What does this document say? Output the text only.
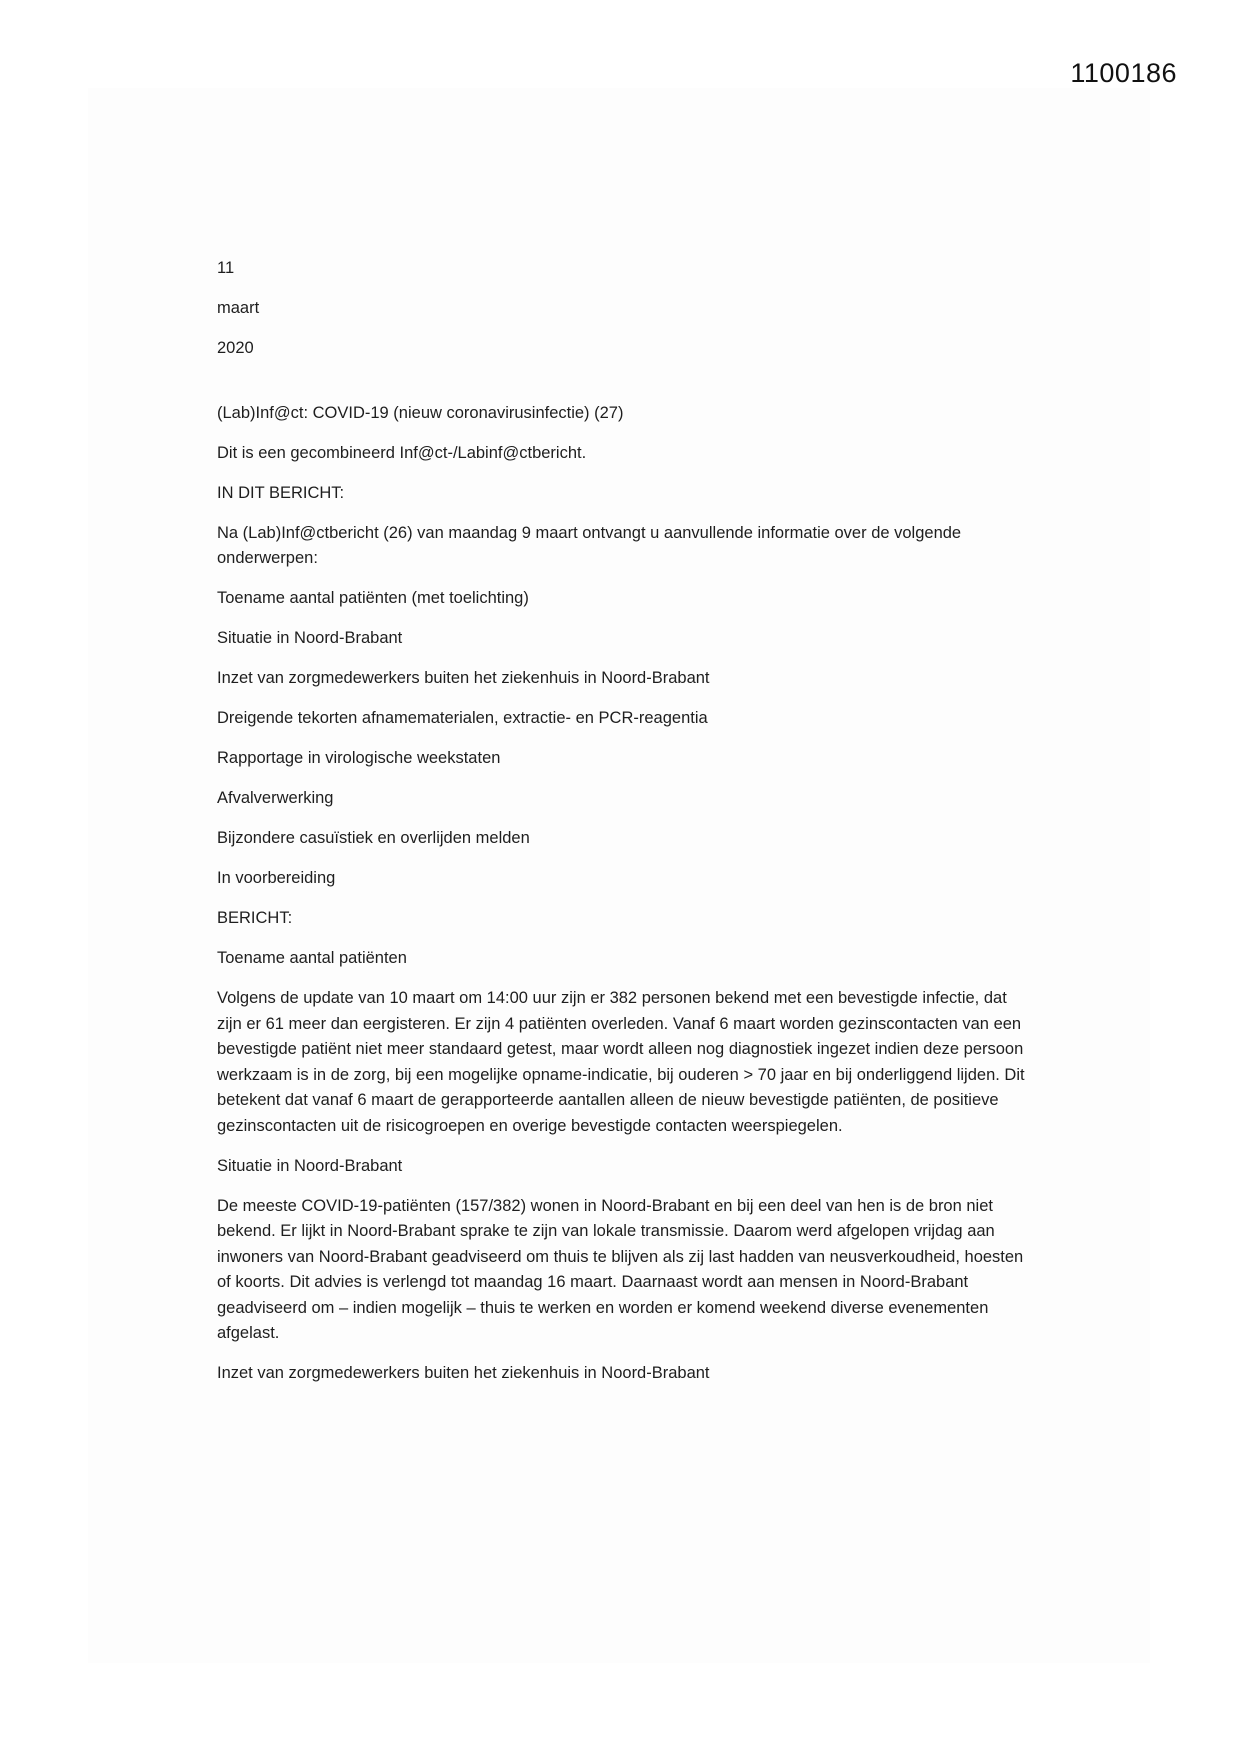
1100186

11

maart

2020

(Lab)Inf@ct: COVID-19 (nieuw coronavirusinfectie) (27)

Dit is een gecombineerd Inf@ct-/Labinf@ctbericht.

IN DIT BERICHT:

Na (Lab)Inf@ctbericht (26) van maandag 9 maart ontvangt u aanvullende informatie over de volgende onderwerpen:

Toename aantal patiënten (met toelichting)

Situatie in Noord-Brabant

Inzet van zorgmedewerkers buiten het ziekenhuis in Noord-Brabant

Dreigende tekorten afnamematerialen, extractie- en PCR-reagentia

Rapportage in virologische weekstaten

Afvalverwerking

Bijzondere casuïstiek en overlijden melden

In voorbereiding

BERICHT:

Toename aantal patiënten

Volgens de update van 10 maart om 14:00 uur zijn er 382 personen bekend met een bevestigde infectie, dat zijn er 61 meer dan eergisteren. Er zijn 4 patiënten overleden. Vanaf 6 maart worden gezinscontacten van een bevestigde patiënt niet meer standaard getest, maar wordt alleen nog diagnostiek ingezet indien deze persoon werkzaam is in de zorg, bij een mogelijke opname-indicatie, bij ouderen > 70 jaar en bij onderliggend lijden. Dit betekent dat vanaf 6 maart de gerapporteerde aantallen alleen de nieuw bevestigde patiënten, de positieve gezinscontacten uit de risicogroepen en overige bevestigde contacten weerspiegelen.

Situatie in Noord-Brabant

De meeste COVID-19-patiënten (157/382) wonen in Noord-Brabant en bij een deel van hen is de bron niet bekend. Er lijkt in Noord-Brabant sprake te zijn van lokale transmissie. Daarom werd afgelopen vrijdag aan inwoners van Noord-Brabant geadviseerd om thuis te blijven als zij last hadden van neusverkoudheid, hoesten of koorts. Dit advies is verlengd tot maandag 16 maart. Daarnaast wordt aan mensen in Noord-Brabant geadviseerd om – indien mogelijk – thuis te werken en worden er komend weekend diverse evenementen afgelast.

Inzet van zorgmedewerkers buiten het ziekenhuis in Noord-Brabant
